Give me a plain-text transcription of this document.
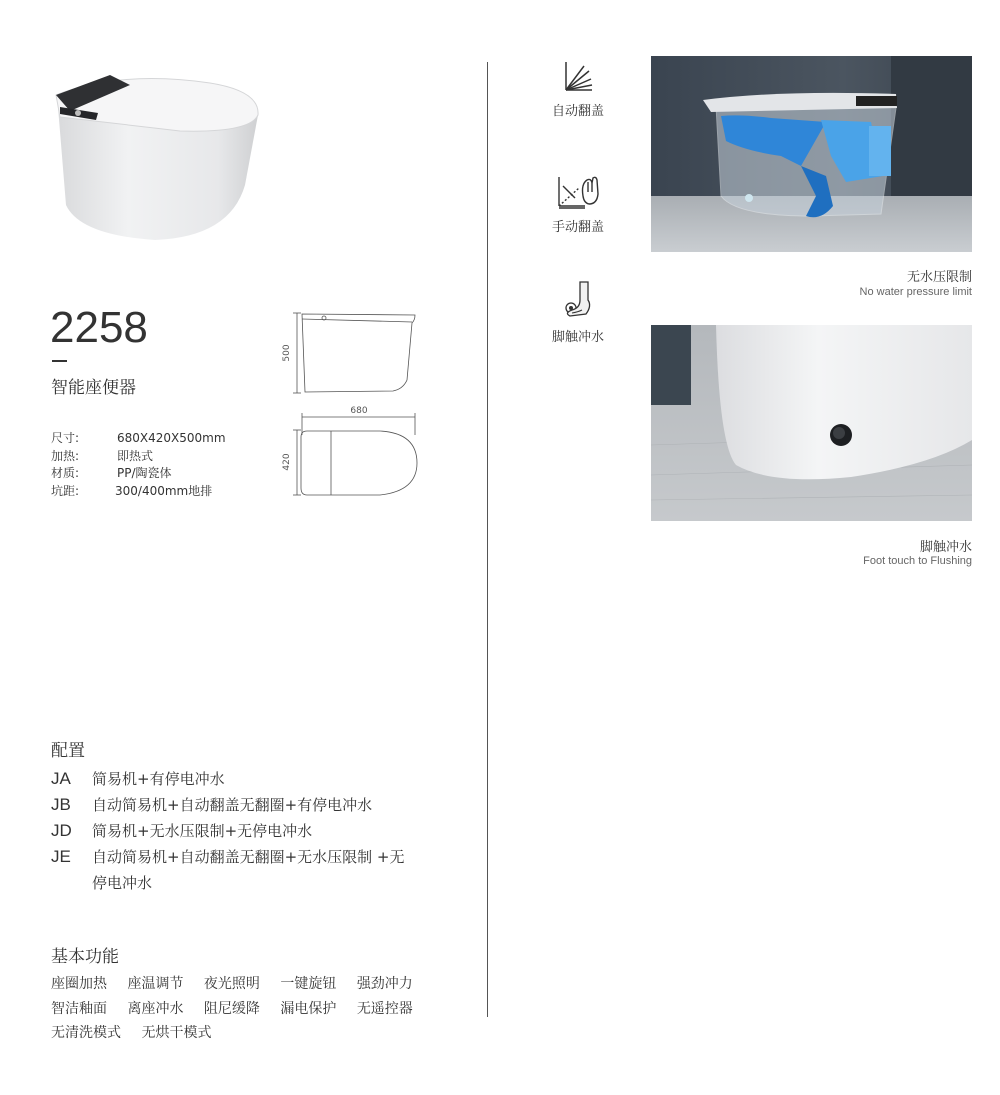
2258
智能座便器
尺寸:	680X420X500mm
加热:	即热式
材质:	PP/陶瓷体
坑距:	300/400mm地排
500
680
420
自动翻盖
手动翻盖
脚触冲水
无水压限制
No water pressure limit
脚触冲水
Foot touch to Flushing
配置
JA	简易机+有停电冲水
JB	自动简易机+自动翻盖无翻圈+有停电冲水
JD	简易机+无水压限制+无停电冲水
JE	自动简易机+自动翻盖无翻圈+无水压限制 +无停电冲水
基本功能
座圈加热 座温调节 夜光照明 一键旋钮 强劲冲力
智洁釉面 离座冲水 阻尼缓降 漏电保护 无遥控器
无清洗模式 无烘干模式
